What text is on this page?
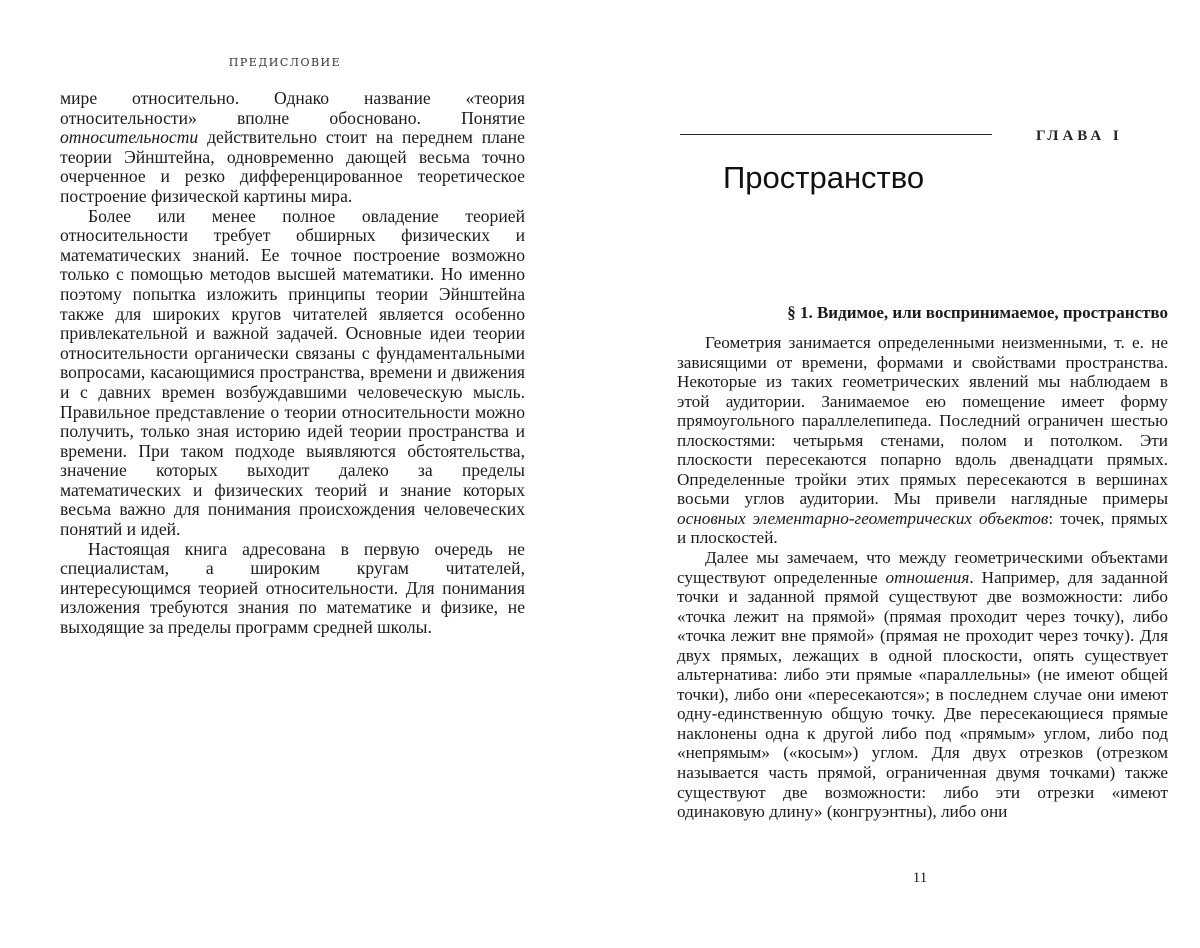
ПРЕДИСЛОВИЕ

мире относительно. Однако название «теория относительности» вполне обосновано. Понятие относительности действительно стоит на переднем плане теории Эйнштейна, одновременно дающей весьма точно очерченное и резко дифференцированное теоретическое построение физической картины мира.

Более или менее полное овладение теорией относительности требует обширных физических и математических знаний. Ее точное построение возможно только с помощью методов высшей математики. Но именно поэтому попытка изложить принципы теории Эйнштейна также для широких кругов читателей является особенно привлекательной и важной задачей. Основные идеи теории относительности органически связаны с фундаментальными вопросами, касающимися пространства, времени и движения и с давних времен возбуждавшими человеческую мысль. Правильное представление о теории относительности можно получить, только зная историю идей теории пространства и времени. При таком подходе выявляются обстоятельства, значение которых выходит далеко за пределы математических и физических теорий и знание которых весьма важно для понимания происхождения человеческих понятий и идей.

Настоящая книга адресована в первую очередь не специалистам, а широким кругам читателей, интересующимся теорией относительности. Для понимания изложения требуются знания по математике и физике, не выходящие за пределы программ средней школы.

ГЛАВА I
Пространство
§ 1. Видимое, или воспринимаемое, пространство

Геометрия занимается определенными неизменными, т. е. не зависящими от времени, формами и свойствами пространства. Некоторые из таких геометрических явлений мы наблюдаем в этой аудитории. Занимаемое ею помещение имеет форму прямоугольного параллелепипеда. Последний ограничен шестью плоскостями: четырьмя стенами, полом и потолком. Эти плоскости пересекаются попарно вдоль двенадцати прямых. Определенные тройки этих прямых пересекаются в вершинах восьми углов аудитории. Мы привели наглядные примеры основных элементарно-геометрических объектов: точек, прямых и плоскостей.

Далее мы замечаем, что между геометрическими объектами существуют определенные отношения. Например, для заданной точки и заданной прямой существуют две возможности: либо «точка лежит на прямой» (прямая проходит через точку), либо «точка лежит вне прямой» (прямая не проходит через точку). Для двух прямых, лежащих в одной плоскости, опять существует альтернатива: либо эти прямые «параллельны» (не имеют общей точки), либо они «пересекаются»; в последнем случае они имеют одну-единственную общую точку. Две пересекающиеся прямые наклонены одна к другой либо под «прямым» углом, либо под «непрямым» («косым») углом. Для двух отрезков (отрезком называется часть прямой, ограниченная двумя точками) также существуют две возможности: либо эти отрезки «имеют одинаковую длину» (конгруэнтны), либо они

11
